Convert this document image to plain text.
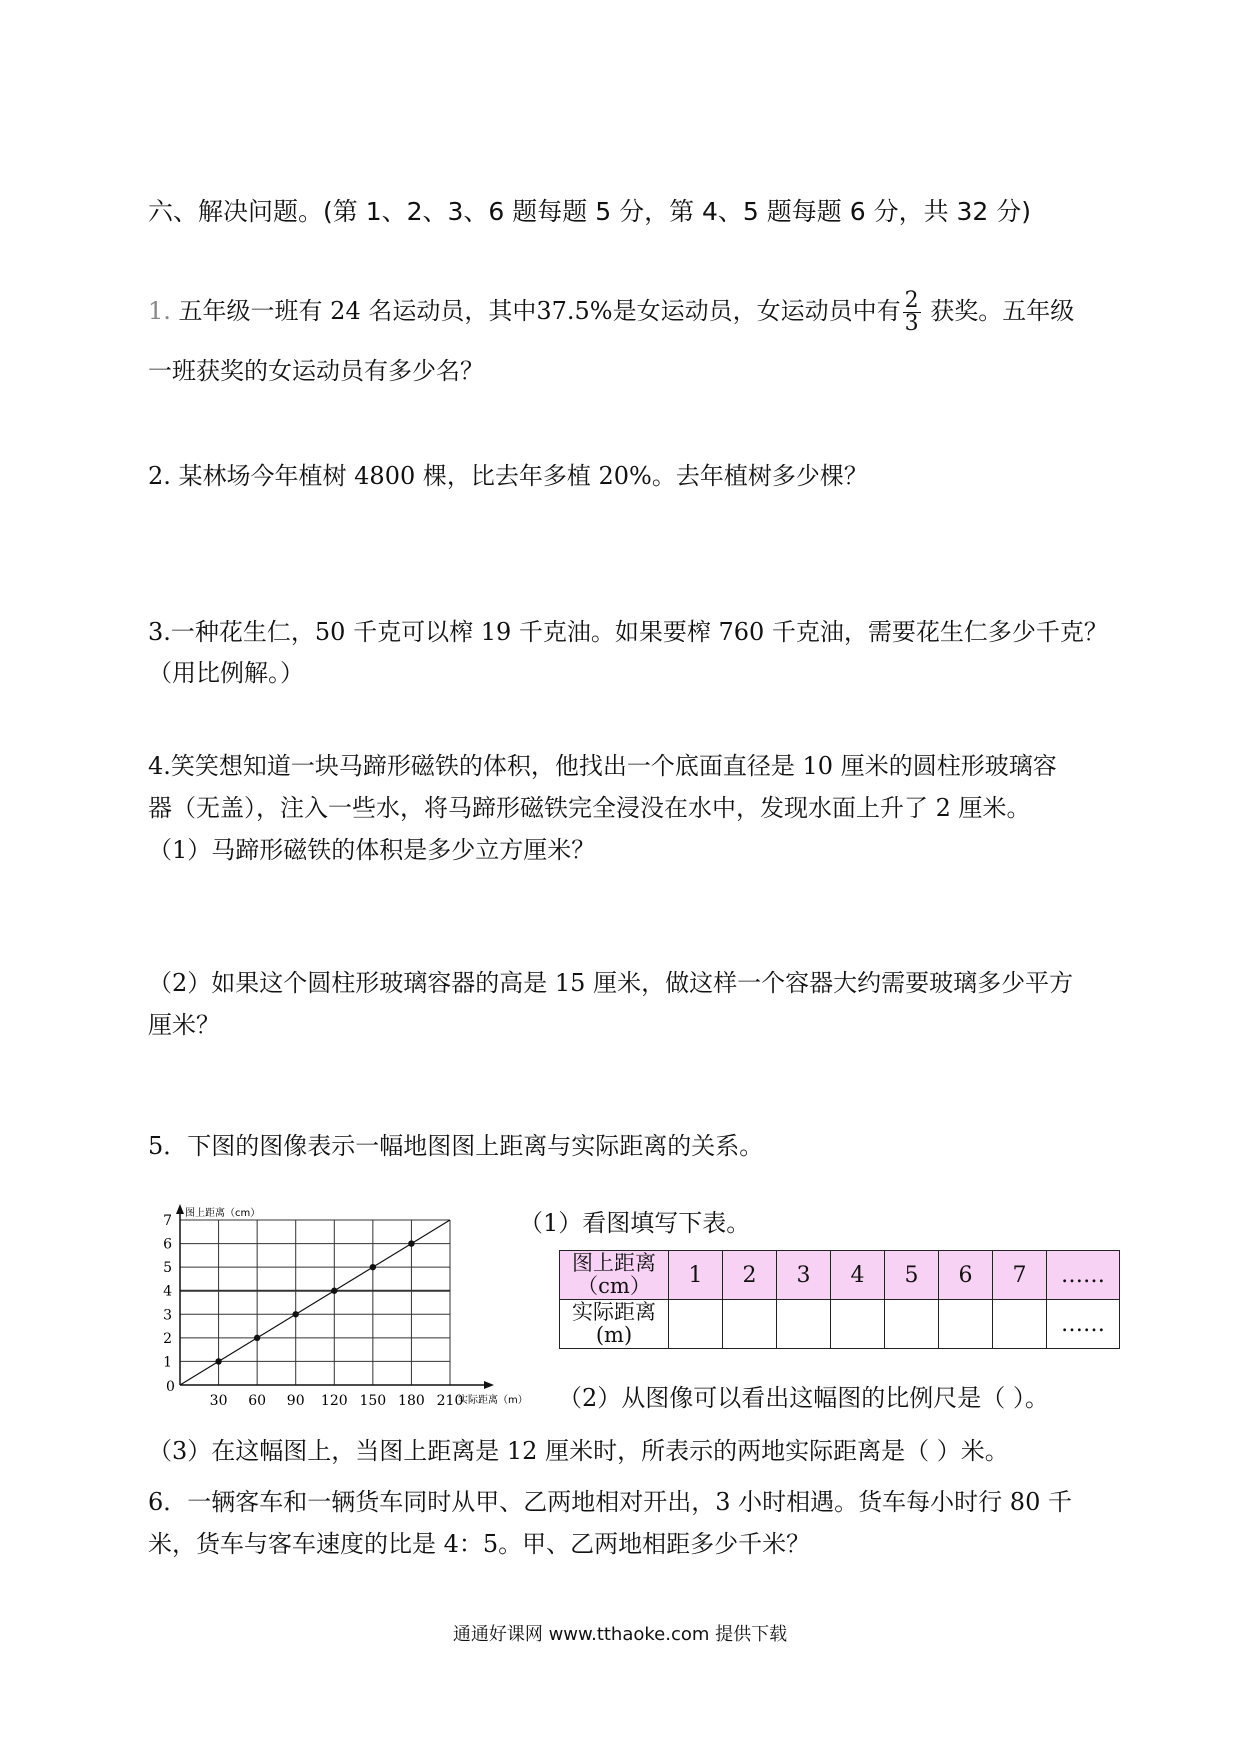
六、解决问题。(第 1、2、3、6 题每题 5 分，第 4、5 题每题 6 分，共 32 分)
1. 五年级一班有 24 名运动员，其中37.5%是女运动员，女运动员中有 $\frac{2}{3}$ 获奖。五年级
一班获奖的女运动员有多少名？
2. 某林场今年植树 4800 棵，比去年多植 20%。去年植树多少棵？
3.一种花生仁，50 千克可以榨 19 千克油。如果要榨 760 千克油，需要花生仁多少千克？
（用比例解。）
4.笑笑想知道一块马蹄形磁铁的体积，他找出一个底面直径是 10 厘米的圆柱形玻璃容
器（无盖），注入一些水，将马蹄形磁铁完全浸没在水中，发现水面上升了 2 厘米。
（1）马蹄形磁铁的体积是多少立方厘米？
（2）如果这个圆柱形玻璃容器的高是 15 厘米，做这样一个容器大约需要玻璃多少平方
厘米？
5．下图的图像表示一幅地图图上距离与实际距离的关系。
30 60 90 120 150 180 210
1
2
3
4
5
6
7
0
图上距离（cm）
实际距离（m）
（1）看图填写下表。
图上距离（cm）	1	2	3	4	5	6	7	……
实际距离(m)								……
（2）从图像可以看出这幅图的比例尺是（ ）。
（3）在这幅图上，当图上距离是 12 厘米时，所表示的两地实际距离是（ ）米。
6．一辆客车和一辆货车同时从甲、乙两地相对开出，3 小时相遇。货车每小时行 80 千
米，货车与客车速度的比是 4：5。甲、乙两地相距多少千米？
通通好课网 www.tthaoke.com 提供下载
